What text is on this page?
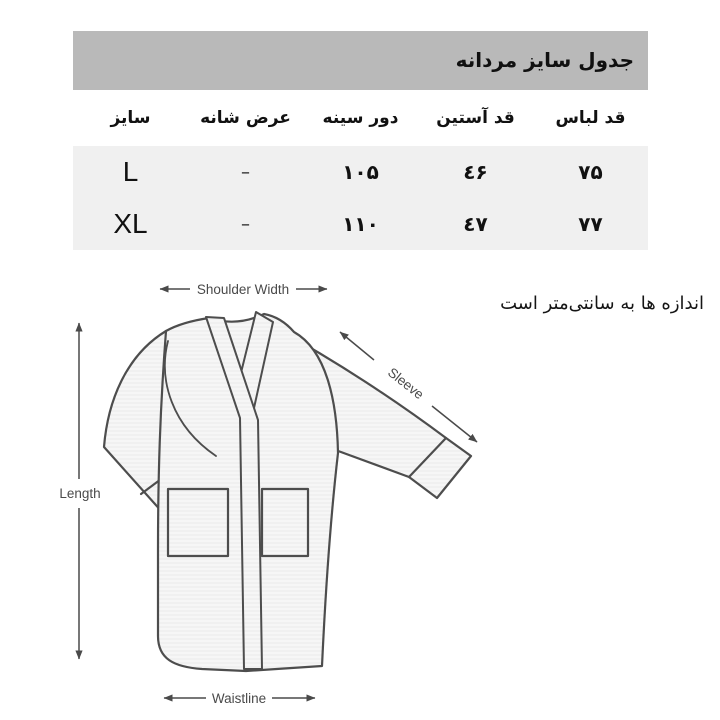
جدول سایز مردانه
سایز	عرض شانه	دور سینه	قد آستین	قد لباس
L	–	۱۰۵	٤۶	۷۵
XL	–	۱۱۰	٤۷	۷۷
اندازه ها به سانتی‌متر است
Shoulder Width
Length
Waistline
Sleeve
